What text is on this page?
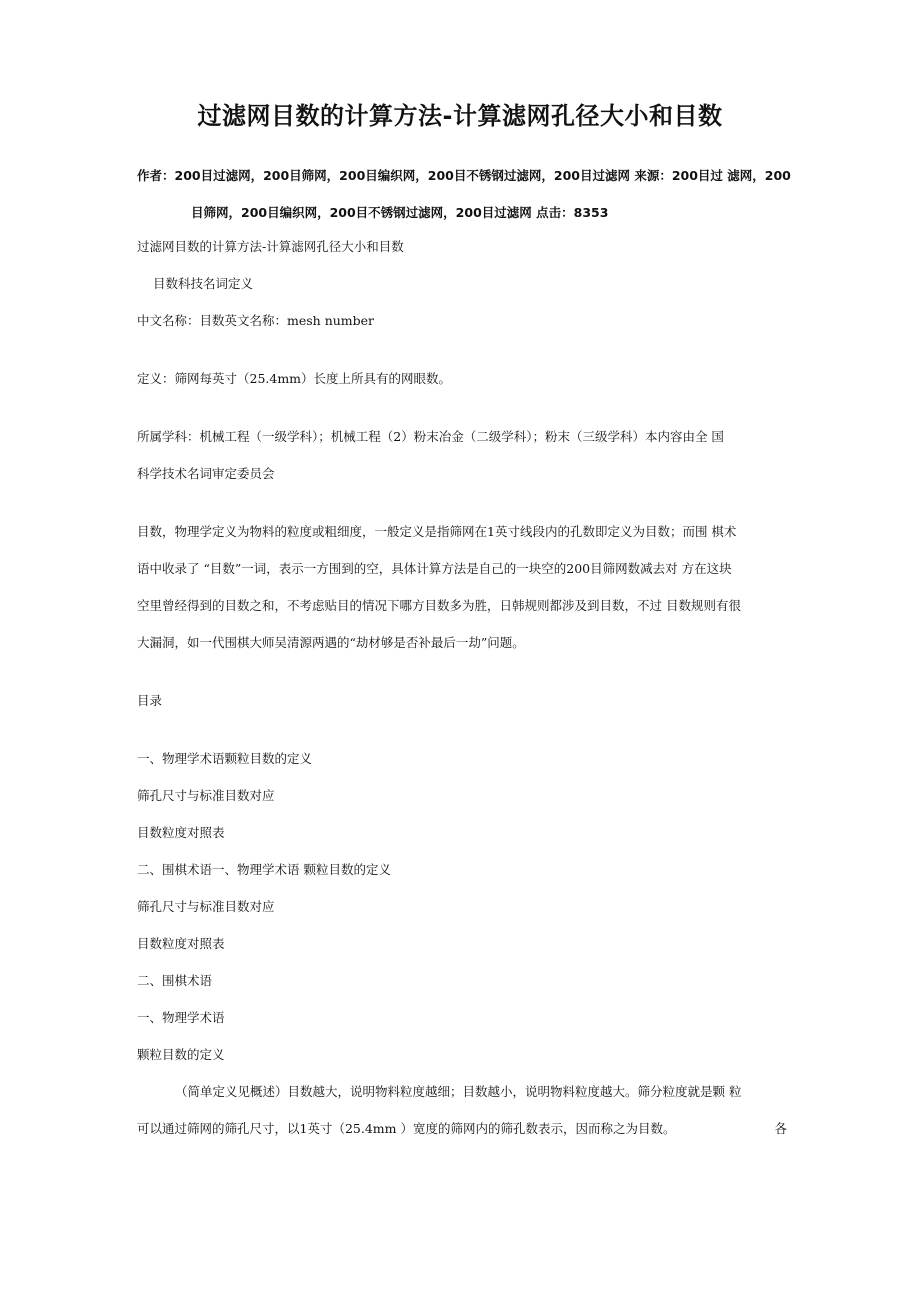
过滤网目数的计算方法-计算滤网孔径大小和目数
作者：200目过滤网，200目筛网，200目编织网，200目不锈钢过滤网，200目过滤网 来源：200目过 滤网，200
目筛网，200目编织网，200目不锈钢过滤网，200目过滤网 点击：8353
过滤网目数的计算方法-计算滤网孔径大小和目数
目数科技名词定义
中文名称：目数英文名称：mesh number
定义：筛网每英寸（25.4mm）长度上所具有的网眼数。
所属学科：机械工程（一级学科）；机械工程（2）粉末冶金（二级学科）；粉末（三级学科）本内容由全 国
科学技术名词审定委员会
目数，物理学定义为物料的粒度或粗细度，一般定义是指筛网在1英寸线段内的孔数即定义为目数；而围 棋术
语中收录了 “目数”一词，表示一方围到的空，具体计算方法是自己的一块空的200目筛网数减去对 方在这块
空里曾经得到的目数之和，不考虑贴目的情况下哪方目数多为胜，日韩规则都涉及到目数，不过 目数规则有很
大漏洞，如一代围棋大师吴清源两遇的“劫材够是否补最后一劫”问题。
目录
一、物理学术语颗粒目数的定义
筛孔尺寸与标准目数对应
目数粒度对照表
二、围棋术语一、物理学术语 颗粒目数的定义
筛孔尺寸与标准目数对应
目数粒度对照表
二、围棋术语
一、物理学术语
颗粒目数的定义
（简单定义见概述）目数越大，说明物料粒度越细；目数越小，说明物料粒度越大。筛分粒度就是颗 粒
可以通过筛网的筛孔尺寸，以1英寸（25.4mm ）宽度的筛网内的筛孔数表示，因而称之为目数。	各
